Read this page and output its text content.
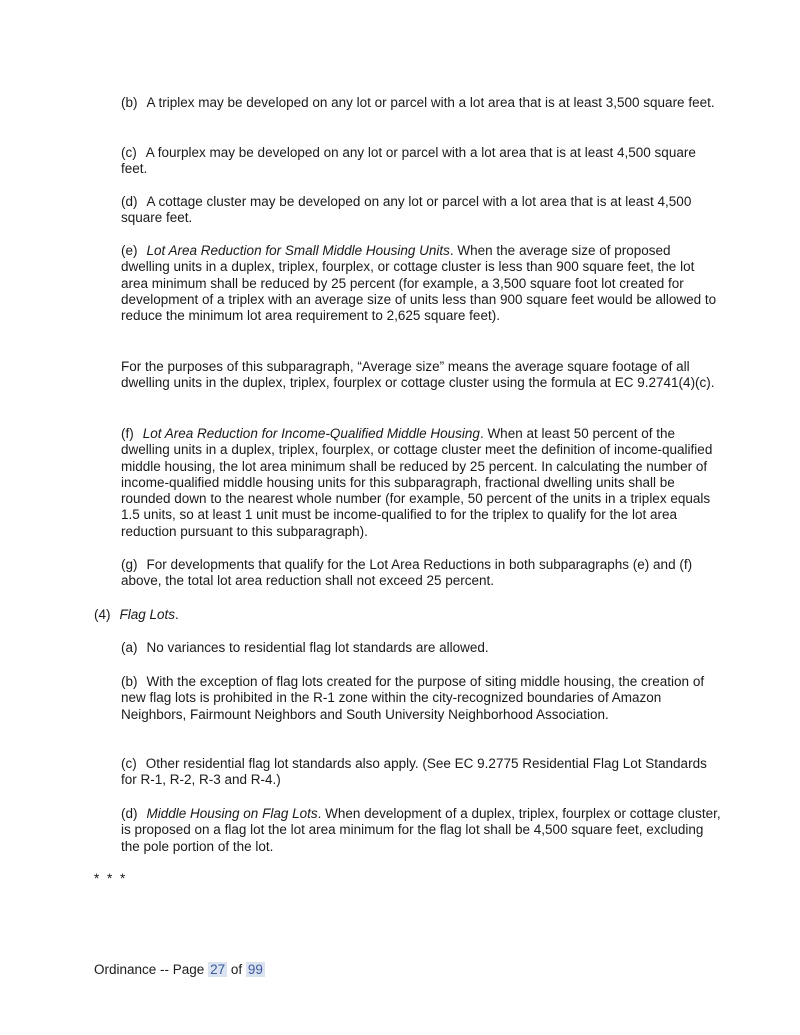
(b) A triplex may be developed on any lot or parcel with a lot area that is at least 3,500 square feet.

(c) A fourplex may be developed on any lot or parcel with a lot area that is at least 4,500 square feet.

(d) A cottage cluster may be developed on any lot or parcel with a lot area that is at least 4,500 square feet.

(e) Lot Area Reduction for Small Middle Housing Units. When the average size of proposed dwelling units in a duplex, triplex, fourplex, or cottage cluster is less than 900 square feet, the lot area minimum shall be reduced by 25 percent (for example, a 3,500 square foot lot created for development of a triplex with an average size of units less than 900 square feet would be allowed to reduce the minimum lot area requirement to 2,625 square feet).

For the purposes of this subparagraph, “Average size” means the average square footage of all dwelling units in the duplex, triplex, fourplex or cottage cluster using the formula at EC 9.2741(4)(c).

(f) Lot Area Reduction for Income-Qualified Middle Housing. When at least 50 percent of the dwelling units in a duplex, triplex, fourplex, or cottage cluster meet the definition of income-qualified middle housing, the lot area minimum shall be reduced by 25 percent. In calculating the number of income-qualified middle housing units for this subparagraph, fractional dwelling units shall be rounded down to the nearest whole number (for example, 50 percent of the units in a triplex equals 1.5 units, so at least 1 unit must be income-qualified to for the triplex to qualify for the lot area reduction pursuant to this subparagraph).

(g) For developments that qualify for the Lot Area Reductions in both subparagraphs (e) and (f) above, the total lot area reduction shall not exceed 25 percent.

(4) Flag Lots.

(a) No variances to residential flag lot standards are allowed.

(b) With the exception of flag lots created for the purpose of siting middle housing, the creation of new flag lots is prohibited in the R-1 zone within the city-recognized boundaries of Amazon Neighbors, Fairmount Neighbors and South University Neighborhood Association.

(c) Other residential flag lot standards also apply. (See EC 9.2775 Residential Flag Lot Standards for R-1, R-2, R-3 and R-4.)

(d) Middle Housing on Flag Lots. When development of a duplex, triplex, fourplex or cottage cluster, is proposed on a flag lot the lot area minimum for the flag lot shall be 4,500 square feet, excluding the pole portion of the lot.

* * *
Ordinance -- Page 27 of 99
